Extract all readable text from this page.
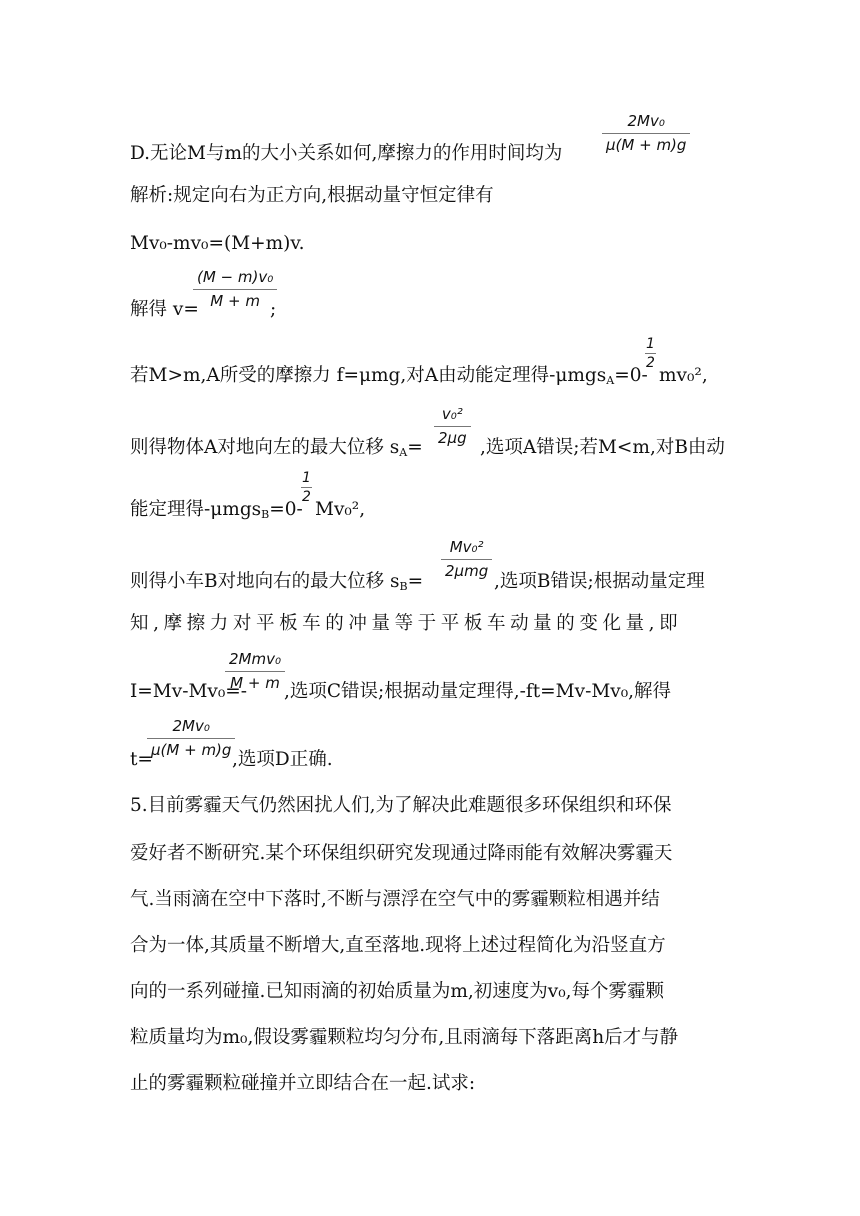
D.无论M与m的大小关系如何,摩擦力的作用时间均为
2Mv₀
μ(M + m)g
解析:规定向右为正方向,根据动量守恒定律有
Mv₀-mv₀=(M+m)v.
解得 v=
(M − m)v₀
M + m ;
若M>m,A所受的摩擦力 f=μmg,对A由动能定理得-μmgs$_A$=0-
1
2
mv₀²,
则得物体A对地向左的最大位移 $s_A=$
v₀²
2μg ,选项A错误;若M<m,对B由动
能定理得-μmgs$_B$=0-
1
2
Mv₀²,
则得小车B对地向右的最大位移 $s_B=$
Mv₀²
2μmg ,选项B错误;根据动量定理
知,摩擦力对平板车的冲量等于平板车动量的变化量,即
I=Mv-Mv₀=-
2Mmv₀
M + m ,选项C错误;根据动量定理得,-ft=Mv-Mv₀,解得
t=
2Mv₀
μ(M + m)g ,选项D正确.
5.目前雾霾天气仍然困扰人们,为了解决此难题很多环保组织和环保
爱好者不断研究.某个环保组织研究发现通过降雨能有效解决雾霾天
气.当雨滴在空中下落时,不断与漂浮在空气中的雾霾颗粒相遇并结
合为一体,其质量不断增大,直至落地.现将上述过程简化为沿竖直方
向的一系列碰撞.已知雨滴的初始质量为m,初速度为v₀,每个雾霾颗
粒质量均为m₀,假设雾霾颗粒均匀分布,且雨滴每下落距离h后才与静
止的雾霾颗粒碰撞并立即结合在一起.试求:
